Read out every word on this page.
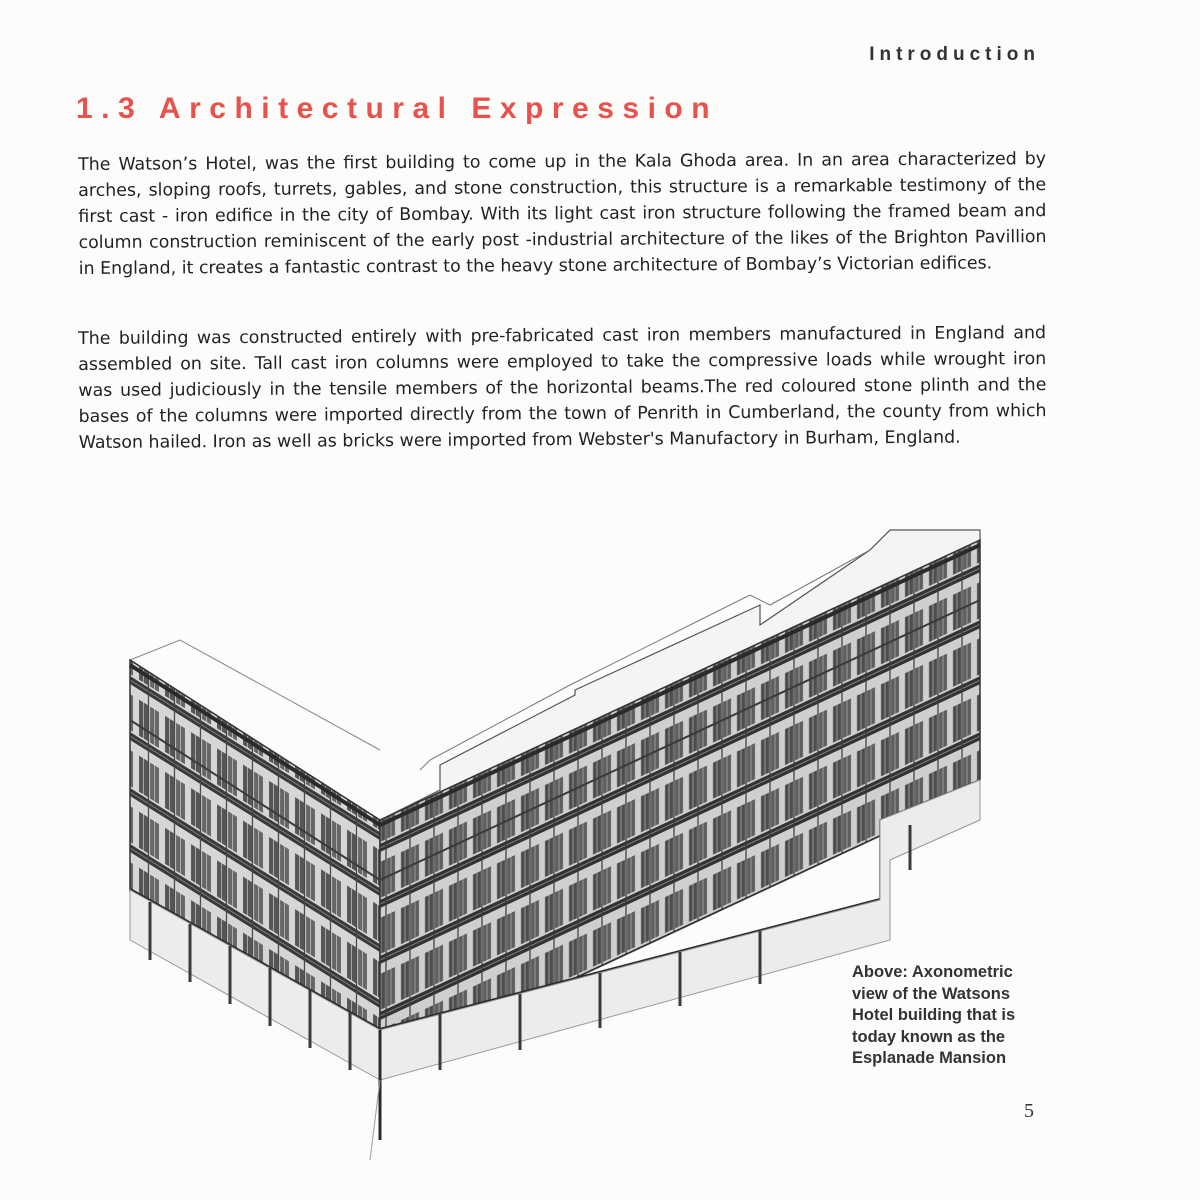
Introduction
1.3 Architectural Expression

The Watson’s Hotel, was the first building to come up in the Kala Ghoda area. In an area characterized by arches, sloping roofs, turrets, gables, and stone construction, this structure is a remarkable testimony of the first cast - iron edifice in the city of Bombay. With its light cast iron structure following the framed beam and column construction reminiscent of the early post -industrial architecture of the likes of the Brighton Pavillion in England, it creates a fantastic contrast to the heavy stone architecture of Bombay’s Victorian edifices.

The building was constructed entirely with pre-fabricated cast iron members manufactured in England and assembled on site. Tall cast iron columns were employed to take the compressive loads while wrought iron was used judiciously in the tensile members of the horizontal beams.The red coloured stone plinth and the bases of the columns were imported directly from the town of Penrith in Cumberland, the county from which Watson hailed. Iron as well as bricks were imported from Webster's Manufactory in Burham, England.

Above: Axonometric view of the Watsons Hotel building that is today known as the Esplanade Mansion

5
